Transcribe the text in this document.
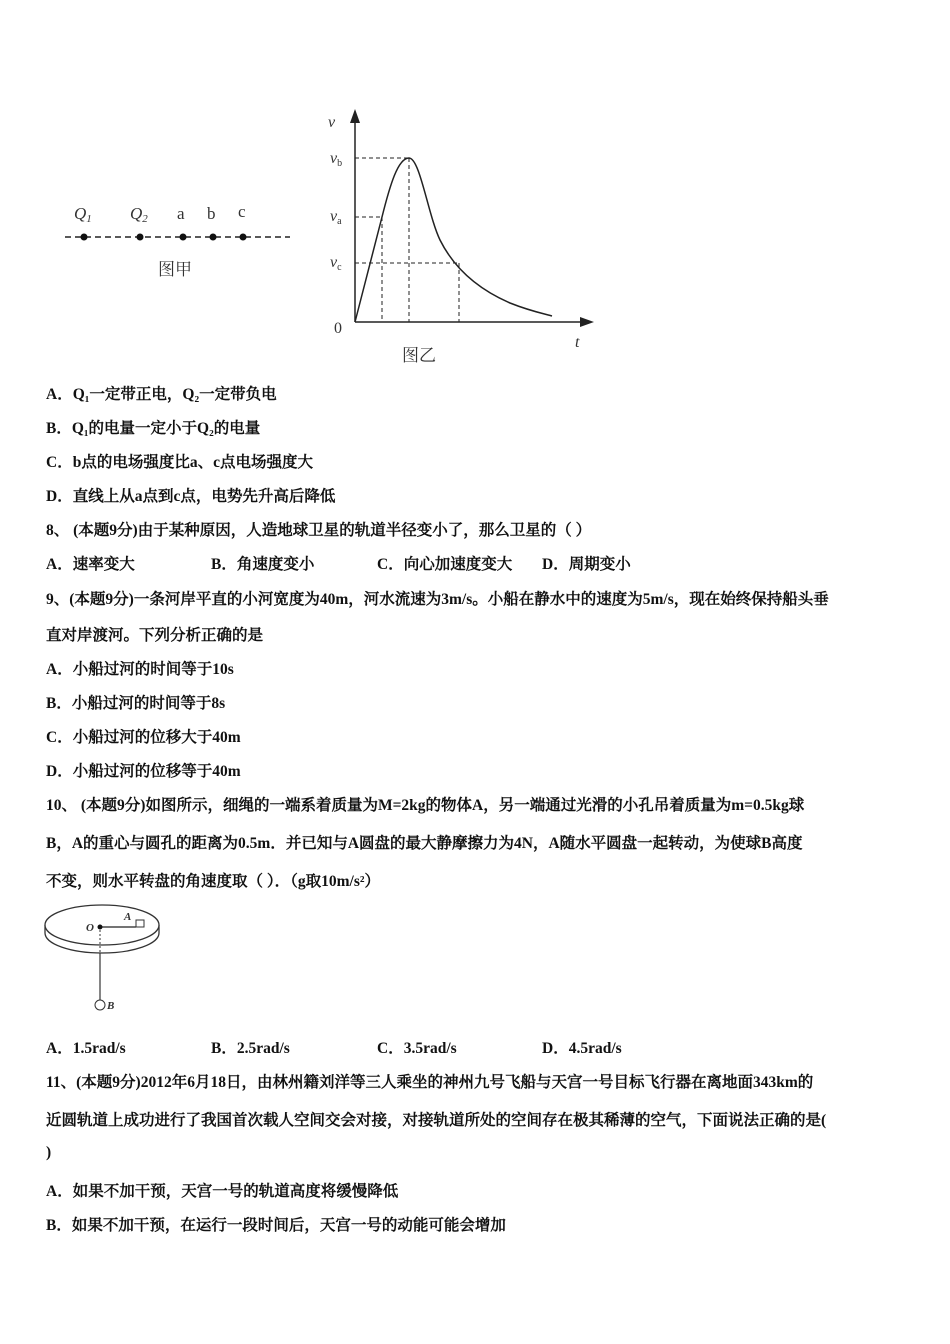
Q1 Q2 a b c
图甲
v
vb
va
vc
t
0
图乙
A．Q₁一定带正电，Q₂一定带负电
B．Q₁的电量一定小于Q₂的电量
C．b点的电场强度比a、c点电场强度大
D．直线上从a点到c点，电势先升高后降低
8、 (本题9分)由于某种原因，人造地球卫星的轨道半径变小了，那么卫星的（ ）
A．速率变大	B．角速度变小	C．向心加速度变大 D．周期变小
9、(本题9分)一条河岸平直的小河宽度为40m，河水流速为3m/s。小船在静水中的速度为5m/s，现在始终保持船头垂
直对岸渡河。下列分析正确的是
A．小船过河的时间等于10s
B．小船过河的时间等于8s
C．小船过河的位移大于40m
D．小船过河的位移等于40m
10、 (本题9分)如图所示，细绳的一端系着质量为M=2kg的物体A，另一端通过光滑的小孔吊着质量为m=0.5kg球
B，A的重心与圆孔的距离为0.5m．并已知与A圆盘的最大静摩擦力为4N，A随水平圆盘一起转动，为使球B高度
不变，则水平转盘的角速度取（ ）．（g取10m/s²）
O
A
B
A．1.5rad/s	B．2.5rad/s	C．3.5rad/s	D．4.5rad/s
11、(本题9分)2012年6月18日，由林州籍刘洋等三人乘坐的神州九号飞船与天宫一号目标飞行器在离地面343km的
近圆轨道上成功进行了我国首次载人空间交会对接，对接轨道所处的空间存在极其稀薄的空气，下面说法正确的是(
)
A．如果不加干预，天宫一号的轨道高度将缓慢降低
B．如果不加干预，在运行一段时间后，天宫一号的动能可能会增加
